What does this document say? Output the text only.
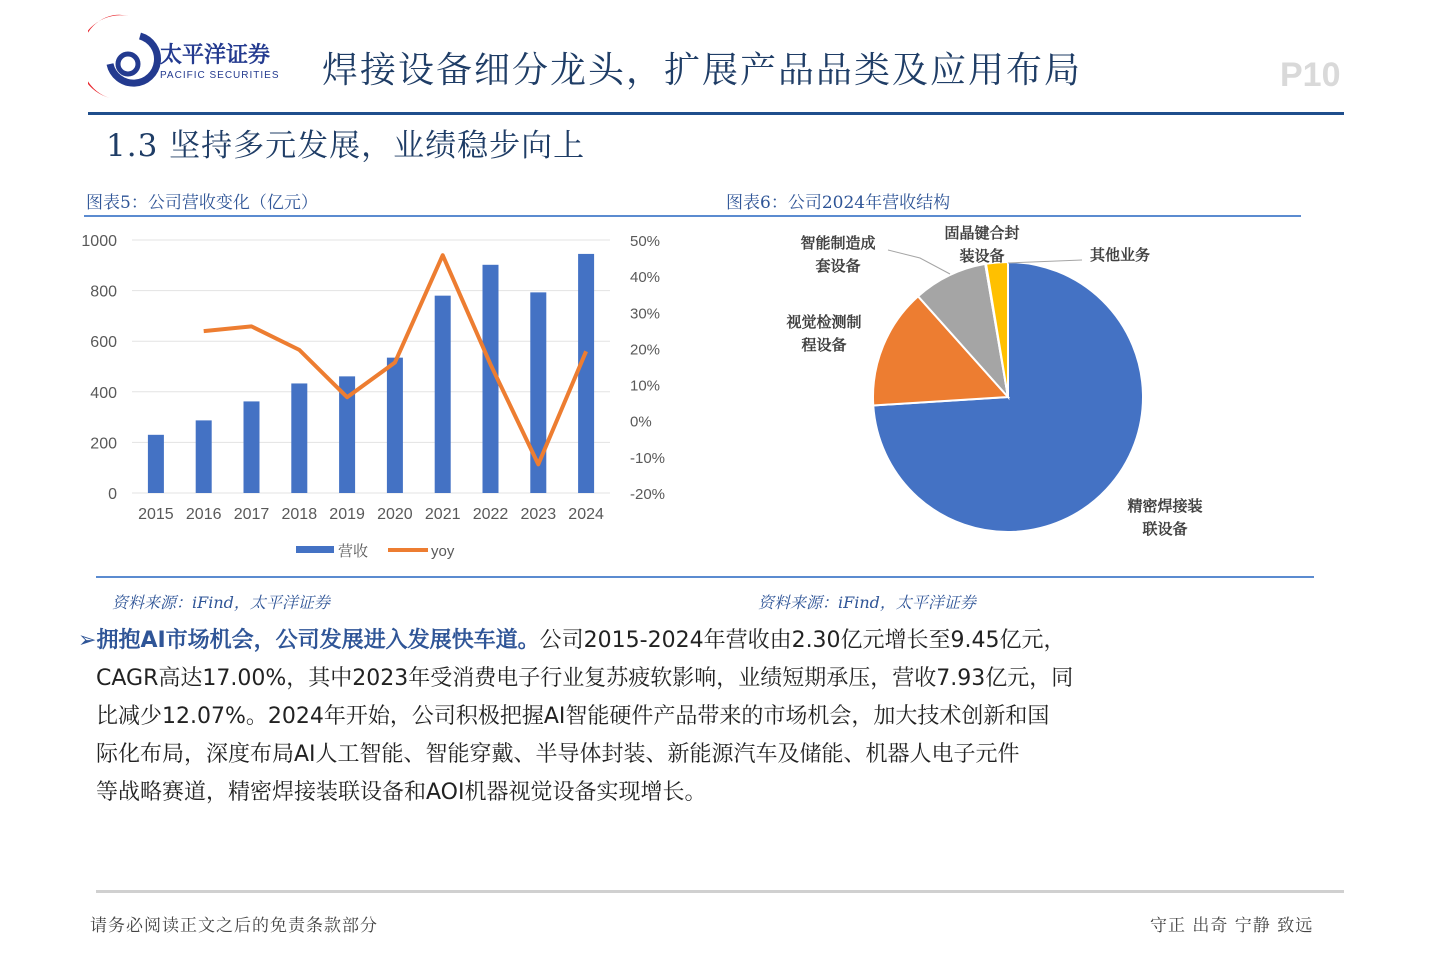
太平洋证券
PACIFIC SECURITIES 焊接设备细分龙头，扩展产品品类及应用布局	P10
1.3 坚持多元发展，业绩稳步向上
图表5：公司营收变化（亿元）	图表6：公司2024年营收结构
0
200
400
600
800
1000
-20%
-10%
0%
10%
20%
30%
40%
50%
2015 2016 2017 2018 2019 2020 2021 2022 2023 2024
营收	yoy
精密焊接装
联设备
视觉检测制
程设备
智能制造成
套设备
固晶键合封
装设备	其他业务
资料来源：iFind，太平洋证券	资料来源：iFind，太平洋证券
➢拥抱AI市场机会，公司发展进入发展快车道。公司2015-2024年营收由2.30亿元增长至9.45亿元，
CAGR高达17.00%，其中2023年受消费电子行业复苏疲软影响，业绩短期承压，营收7.93亿元，同
比减少12.07%。2024年开始，公司积极把握AI智能硬件产品带来的市场机会，加大技术创新和国
际化布局，深度布局AI人工智能、智能穿戴、半导体封装、新能源汽车及储能、机器人电子元件
等战略赛道，精密焊接装联设备和AOI机器视觉设备实现增长。
请务必阅读正文之后的免责条款部分	守正 出奇 宁静 致远
